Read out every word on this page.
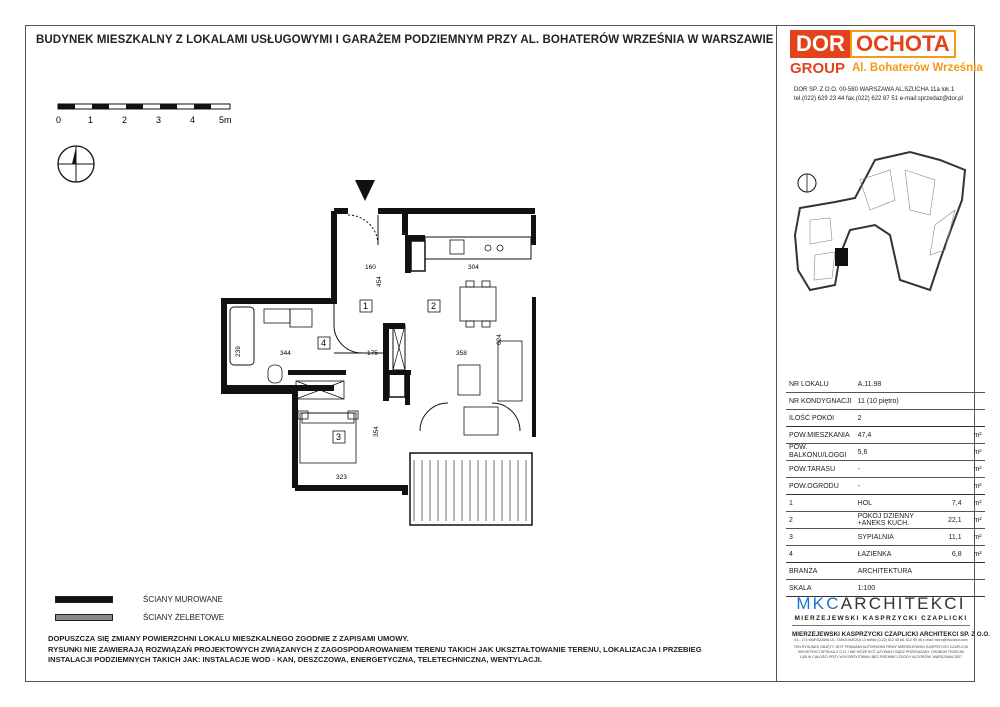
BUDYNEK MIESZKALNY Z LOKALAMI USŁUGOWYMI I GARAŻEM PODZIEMNYM PRZY AL. BOHATERÓW WRZEŚNIA W WARSZAWIE DOR OCHOTA
GROUP Al. Bohaterów Września
DOR SP. Z O.O. 00-580 WARSZAWA AL.SZUCHA 11a lok.1
tel.(022) 629 23 44 fax.(022) 622 87 51 e-mail:sprzedaz@dor.pl
0	1	2	3	4	5m
1	2
3
4
160	304
454
239	344	175	358
624
354
323
NR LOKALU	A.11.98	
NR KONDYGNACJI	11 (10 piętro)	
ILOŚĆ POKOI	2	
POW.MIESZKANIA	47,4	m²
POW. BALKONU/LOGGI	5,6	m²
POW.TARASU	-	m²
POW.OGRODU	-	m²
1	HOL 7,4	m²
2	POKÓJ DZIENNY +ANEKS KUCH. 22,1	m²
3	SYPIALNIA 11,1	m²
4	ŁAZIENKA 6,8	m²
BRANŻA	ARCHITEKTURA	
SKALA	1:100	
ŚCIANY MUROWANE
ŚCIANY ŻELBETOWE
DOPUSZCZA SIĘ ZMIANY POWIERZCHNI LOKALU MIESZKALNEGO ZGODNIE Z ZAPISAMI UMOWY.
RYSUNKI NIE ZAWIERAJĄ ROZWIĄZAŃ PROJEKTOWYCH ZWIĄZANYCH Z ZAGOSPODAROWANIEM TERENU TAKICH JAK UKSZTAŁTOWANIE TERENU, LOKALIZACJA I PRZEBIEG
INSTALACJI PODZIEMNYCH TAKICH JAK: INSTALACJE WOD - KAN, DESZCZOWA, ENERGETYCZNA, TELETECHNICZNA, WENTYLACJI.
MKCARCHITEKCI
MIERZEJEWSKI KASPRZYCKI CZAPLICKI
MIERZEJEWSKI KASPRZYCKI CZAPLICKI ARCHITEKCI SP. Z O.O.
01 - 174 WARSZAWA UL. TARGOWICKA 13 tel/fax (0-22) 612 48 88, 612 49 48 e-mail: biuro@mkcarch.com
TEN RYSUNEK OBJĘTY JEST PRAWAMI AUTORSKIMI FIRMY MIERZEJEWSKI KASPRZYCKI CZAPLICKI
ARCHITEKCI SPÓŁKA Z O.O. I NIE MOŻE BYĆ UŻYWANY BĄDŹ PRZEKAZANY OSOBOM TRZECIM
LUB W CAŁOŚCI PRZY WYKORZYSTANIU BEZ PISEMNEJ ZGODY AUTORÓW. WARSZAWA 2007
